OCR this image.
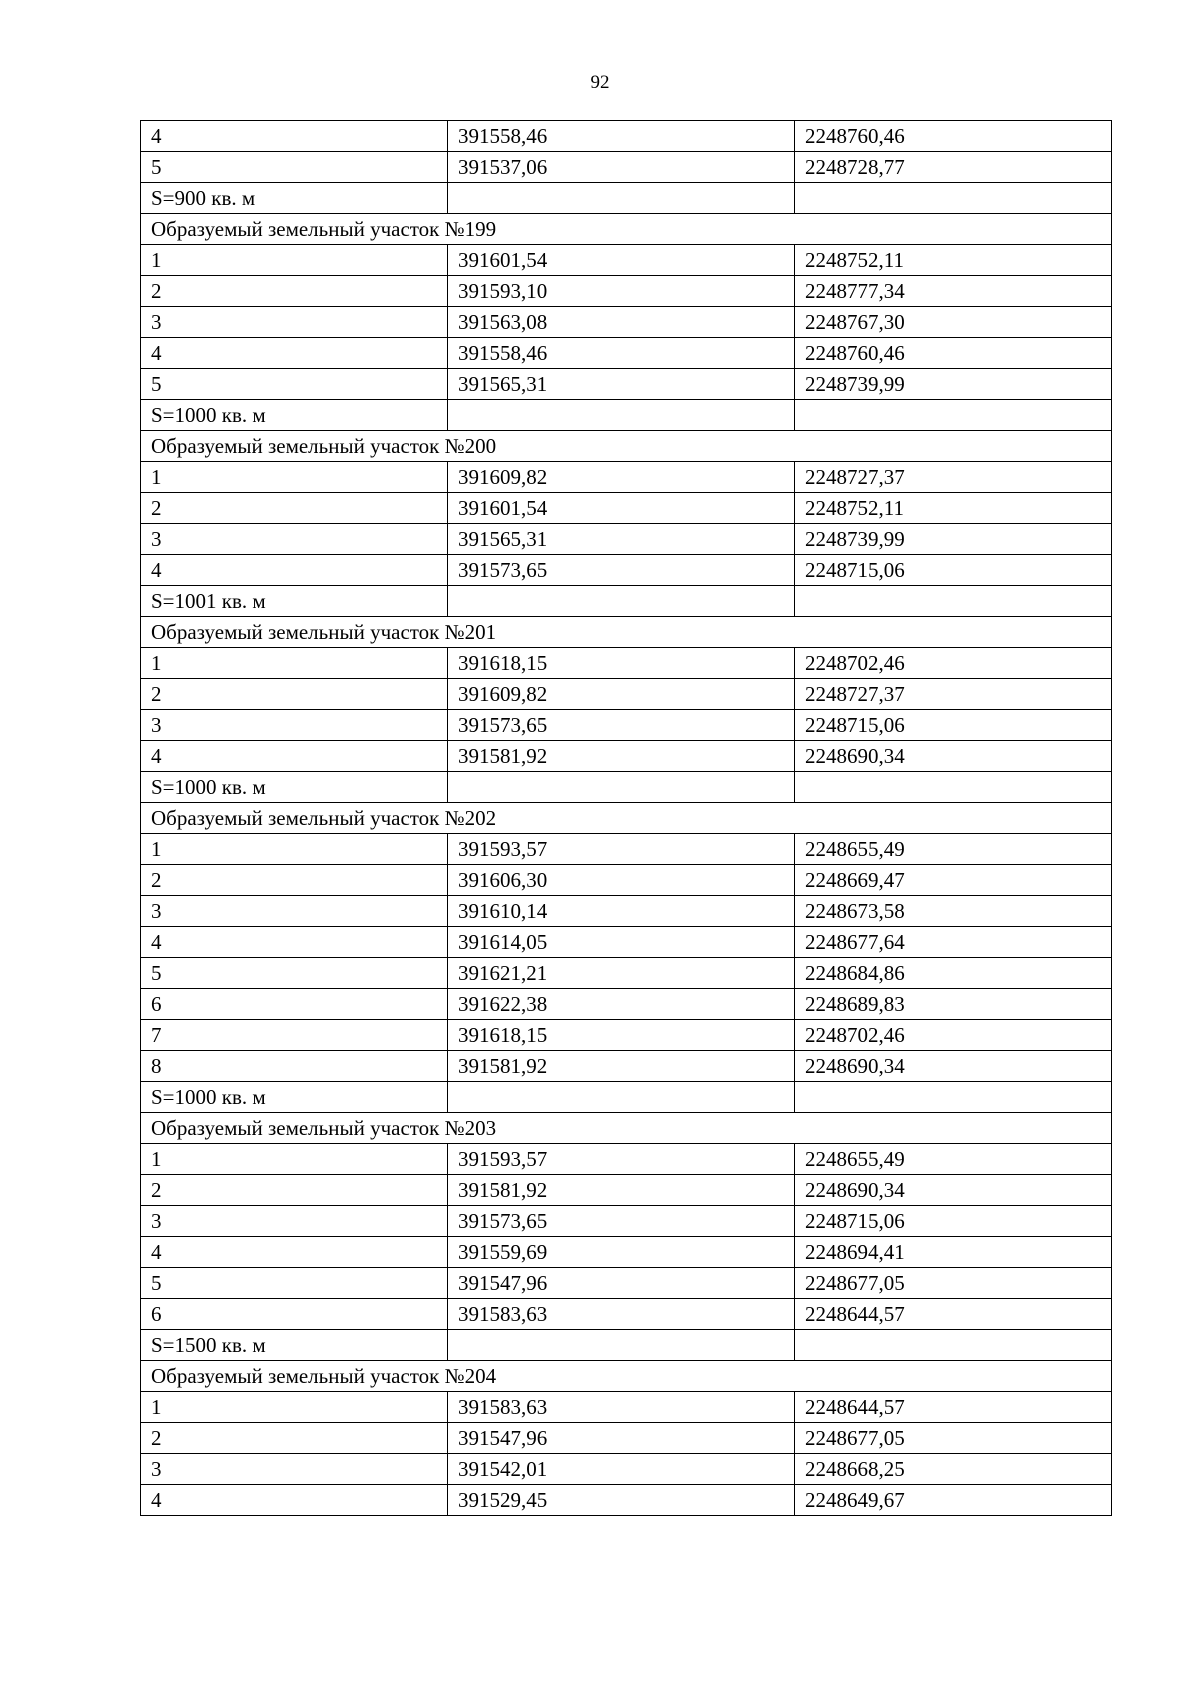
92
4	391558,46	2248760,46
5	391537,06	2248728,77
S=900 кв. м		
Образуемый земельный участок №199		
1	391601,54	2248752,11
2	391593,10	2248777,34
3	391563,08	2248767,30
4	391558,46	2248760,46
5	391565,31	2248739,99
S=1000 кв. м		
Образуемый земельный участок №200		
1	391609,82	2248727,37
2	391601,54	2248752,11
3	391565,31	2248739,99
4	391573,65	2248715,06
S=1001 кв. м		
Образуемый земельный участок №201		
1	391618,15	2248702,46
2	391609,82	2248727,37
3	391573,65	2248715,06
4	391581,92	2248690,34
S=1000 кв. м		
Образуемый земельный участок №202		
1	391593,57	2248655,49
2	391606,30	2248669,47
3	391610,14	2248673,58
4	391614,05	2248677,64
5	391621,21	2248684,86
6	391622,38	2248689,83
7	391618,15	2248702,46
8	391581,92	2248690,34
S=1000 кв. м		
Образуемый земельный участок №203		
1	391593,57	2248655,49
2	391581,92	2248690,34
3	391573,65	2248715,06
4	391559,69	2248694,41
5	391547,96	2248677,05
6	391583,63	2248644,57
S=1500 кв. м		
Образуемый земельный участок №204		
1	391583,63	2248644,57
2	391547,96	2248677,05
3	391542,01	2248668,25
4	391529,45	2248649,67
